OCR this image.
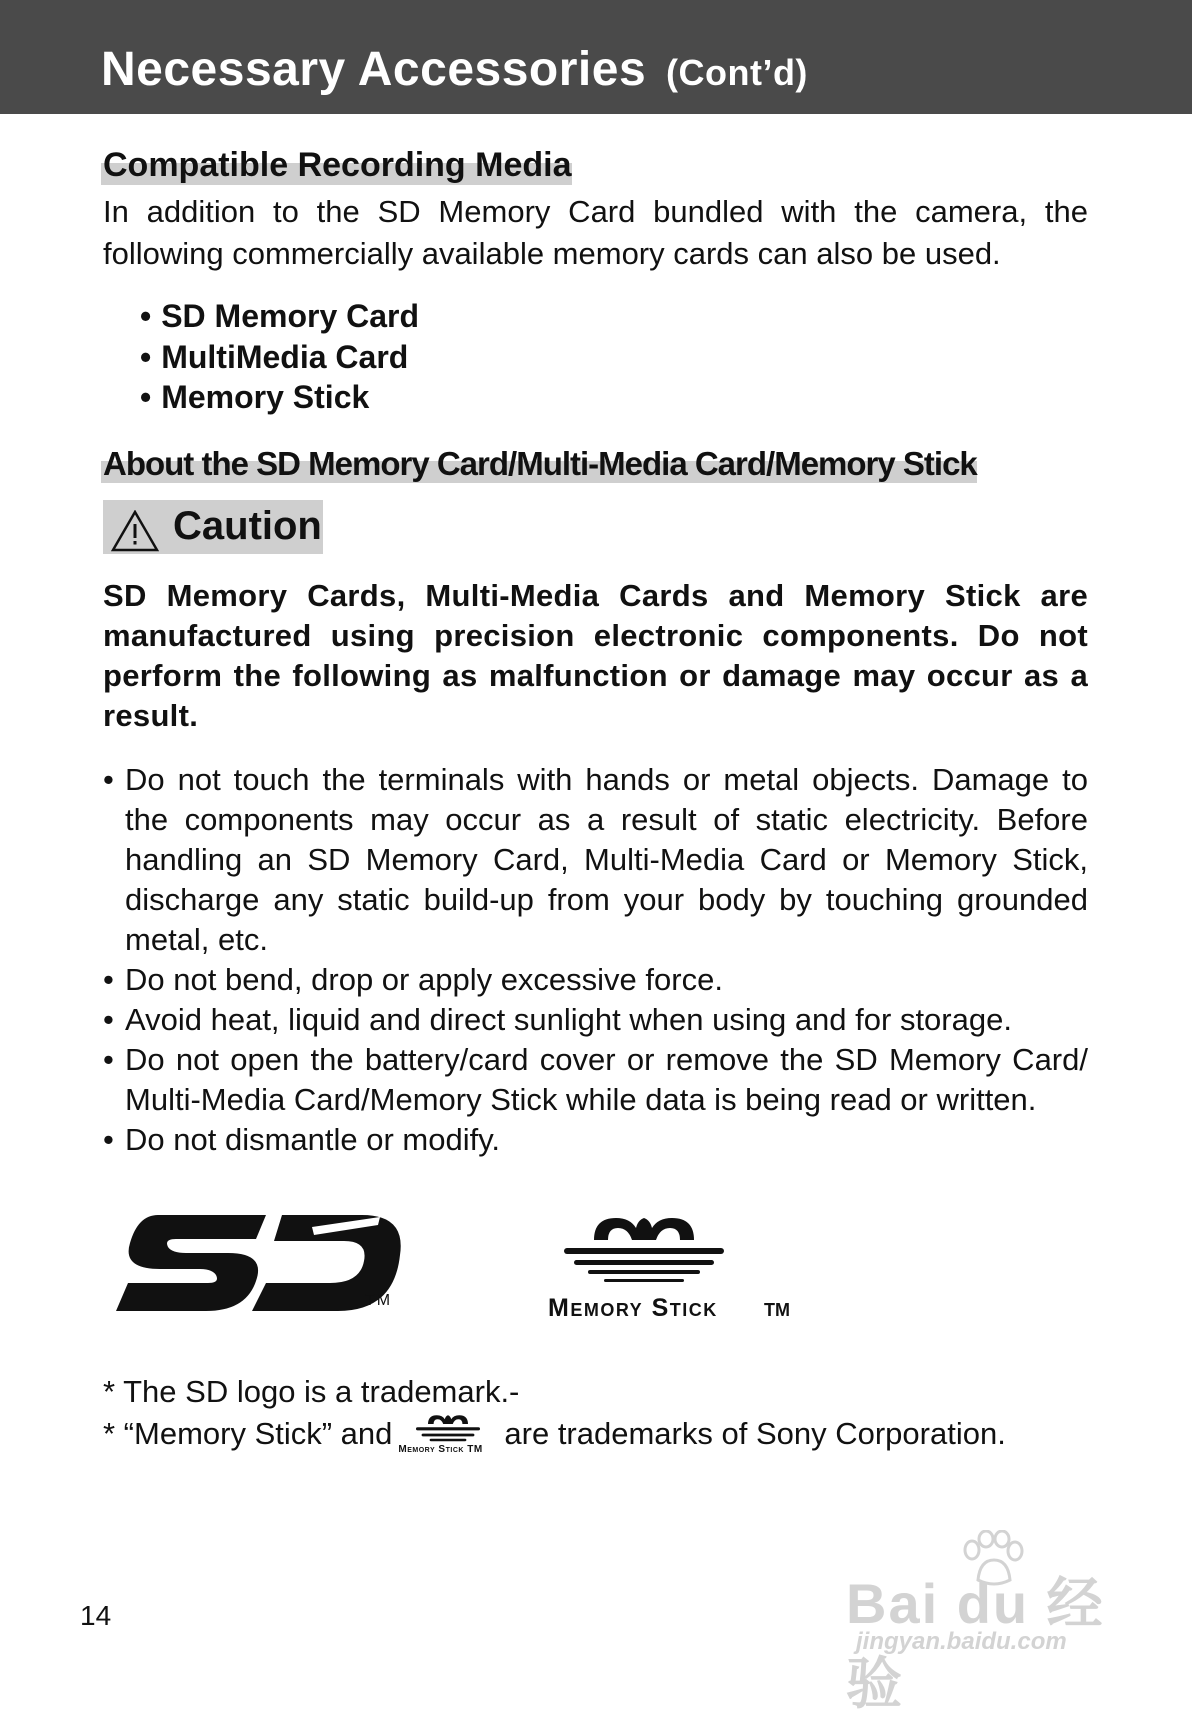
Necessary Accessories (Cont’d)
Compatible Recording Media
In addition to the SD Memory Card bundled with the camera, the following commercially available memory cards can also be used.
• SD Memory Card
• MultiMedia Card
• Memory Stick
About the SD Memory Card/Multi-Media Card/Memory Stick
Caution
SD Memory Cards, Multi-Media Cards and Memory Stick are manufactured using precision electronic components. Do not perform the following as malfunction or damage may occur as a result.
• Do not touch the terminals with hands or metal objects. Damage to the components may occur as a result of static electricity. Before handling an SD Memory Card, Multi-Media Card or Memory Stick, discharge any static build-up from your body by touching grounded metal, etc.
• Do not bend, drop or apply excessive force.
• Avoid heat, liquid and direct sunlight when using and for storage.
• Do not open the battery/card cover or remove the SD Memory Card/ Multi-Media Card/Memory Stick while data is being read or written.
• Do not dismantle or modify.
TM	Memory Stick	TM
* The SD logo is a trademark.-
* “Memory Stick” and Memory Stick TM are trademarks of Sony Corporation.
14	Bai du 经验
jingyan.baidu.com
